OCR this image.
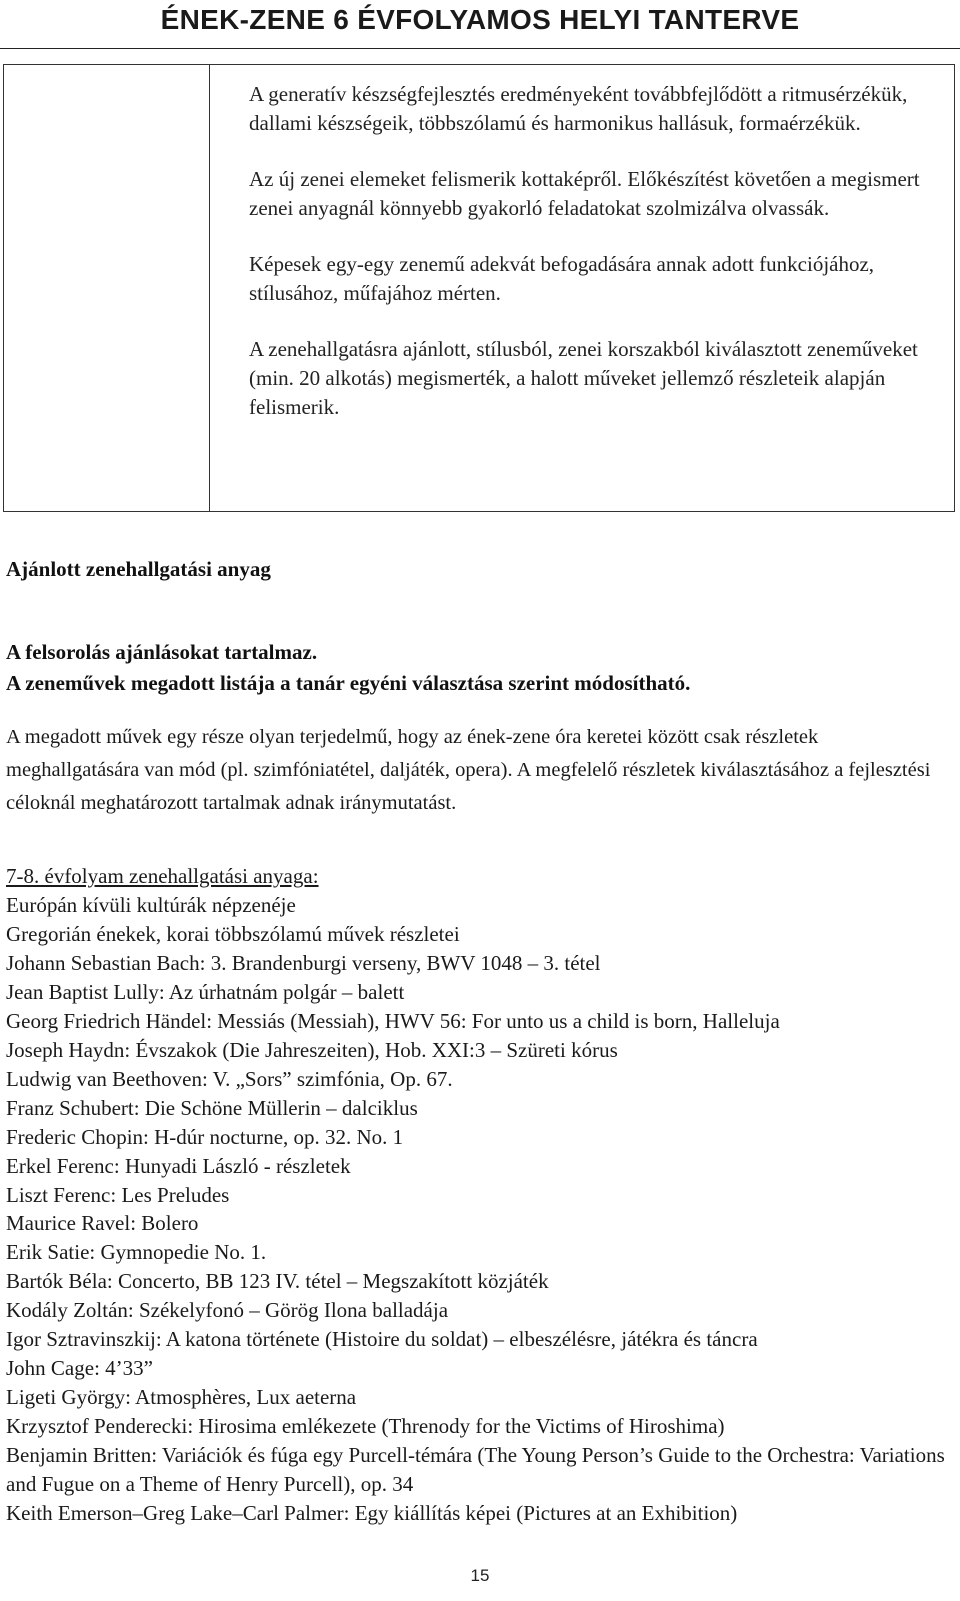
ÉNEK-ZENE 6 ÉVFOLYAMOS HELYI TANTERVE

A generatív készségfejlesztés eredményeként továbbfejlődött a ritmusérzékük, dallami készségeik, többszólamú és harmonikus hallásuk, formaérzékük.

Az új zenei elemeket felismerik kottaképről. Előkészítést követően a megismert zenei anyagnál könnyebb gyakorló feladatokat szolmizálva olvassák.

Képesek egy-egy zenemű adekvát befogadására annak adott funkciójához, stílusához, műfajához mérten.

A zenehallgatásra ajánlott, stílusból, zenei korszakból kiválasztott zeneműveket (min. 20 alkotás) megismerték, a halott műveket jellemző részleteik alapján felismerik.

Ajánlott zenehallgatási anyag
A felsorolás ajánlásokat tartalmaz.
A zeneművek megadott listája a tanár egyéni választása szerint módosítható.
A megadott művek egy része olyan terjedelmű, hogy az ének-zene óra keretei között csak részletek meghallgatására van mód (pl. szimfóniatétel, daljáték, opera). A megfelelő részletek kiválasztásához a fejlesztési céloknál meghatározott tartalmak adnak iránymutatást.
7-8. évfolyam zenehallgatási anyaga:
Európán kívüli kultúrák népzenéje
Gregorián énekek, korai többszólamú művek részletei
Johann Sebastian Bach: 3. Brandenburgi verseny, BWV 1048 – 3. tétel
Jean Baptist Lully: Az úrhatnám polgár – balett
Georg Friedrich Händel: Messiás (Messiah), HWV 56: For unto us a child is born, Halleluja
Joseph Haydn: Évszakok (Die Jahreszeiten), Hob. XXI:3 – Szüreti kórus
Ludwig van Beethoven: V. „Sors” szimfónia, Op. 67.
Franz Schubert: Die Schöne Müllerin – dalciklus
Frederic Chopin: H-dúr nocturne, op. 32. No. 1
Erkel Ferenc: Hunyadi László - részletek
Liszt Ferenc: Les Preludes
Maurice Ravel: Bolero
Erik Satie: Gymnopedie No. 1.
Bartók Béla: Concerto, BB 123 IV. tétel – Megszakított közjáték
Kodály Zoltán: Székelyfonó – Görög Ilona balladája
Igor Sztravinszkij: A katona története (Histoire du soldat) – elbeszélésre, játékra és táncra
John Cage: 4’33”
Ligeti György: Atmosphères, Lux aeterna
Krzysztof Penderecki: Hirosima emlékezete (Threnody for the Victims of Hiroshima)
Benjamin Britten: Variációk és fúga egy Purcell-témára (The Young Person’s Guide to the Orchestra: Variations and Fugue on a Theme of Henry Purcell), op. 34
Keith Emerson–Greg Lake–Carl Palmer: Egy kiállítás képei (Pictures at an Exhibition)
15
